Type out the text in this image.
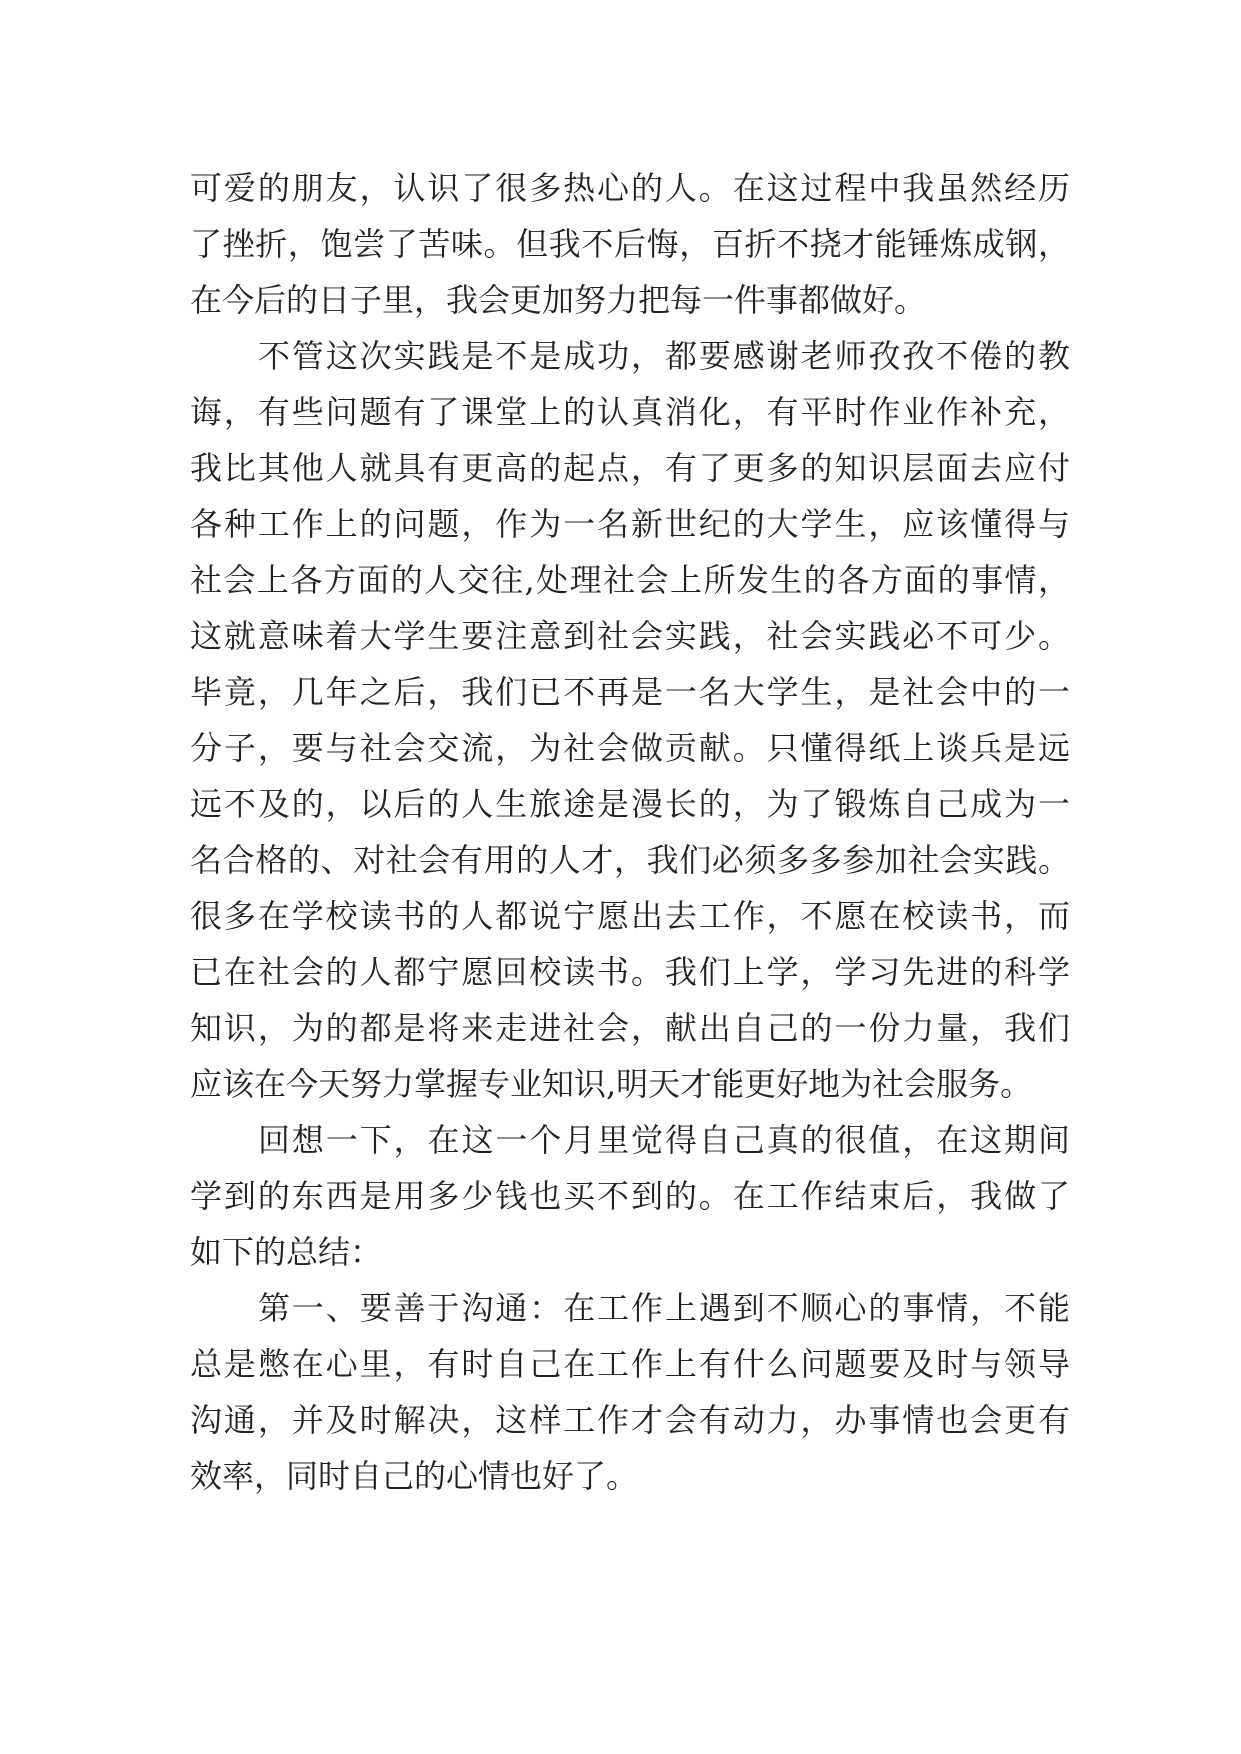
可爱的朋友，认识了很多热心的人。在这过程中我虽然经历
了挫折，饱尝了苦味。但我不后悔，百折不挠才能锤炼成钢，
在今后的日子里，我会更加努力把每一件事都做好。
不管这次实践是不是成功，都要感谢老师孜孜不倦的教
诲，有些问题有了课堂上的认真消化，有平时作业作补充，
我比其他人就具有更高的起点，有了更多的知识层面去应付
各种工作上的问题，作为一名新世纪的大学生，应该懂得与
社会上各方面的人交往,处理社会上所发生的各方面的事情，
这就意味着大学生要注意到社会实践，社会实践必不可少。
毕竟，几年之后，我们已不再是一名大学生，是社会中的一
分子，要与社会交流，为社会做贡献。只懂得纸上谈兵是远
远不及的，以后的人生旅途是漫长的，为了锻炼自己成为一
名合格的、对社会有用的人才，我们必须多多参加社会实践。
很多在学校读书的人都说宁愿出去工作，不愿在校读书，而
已在社会的人都宁愿回校读书。我们上学，学习先进的科学
知识，为的都是将来走进社会，献出自己的一份力量，我们
应该在今天努力掌握专业知识,明天才能更好地为社会服务。
回想一下，在这一个月里觉得自己真的很值，在这期间
学到的东西是用多少钱也买不到的。在工作结束后，我做了
如下的总结：
第一、要善于沟通：在工作上遇到不顺心的事情，不能
总是憋在心里，有时自己在工作上有什么问题要及时与领导
沟通，并及时解决，这样工作才会有动力，办事情也会更有
效率，同时自己的心情也好了。
